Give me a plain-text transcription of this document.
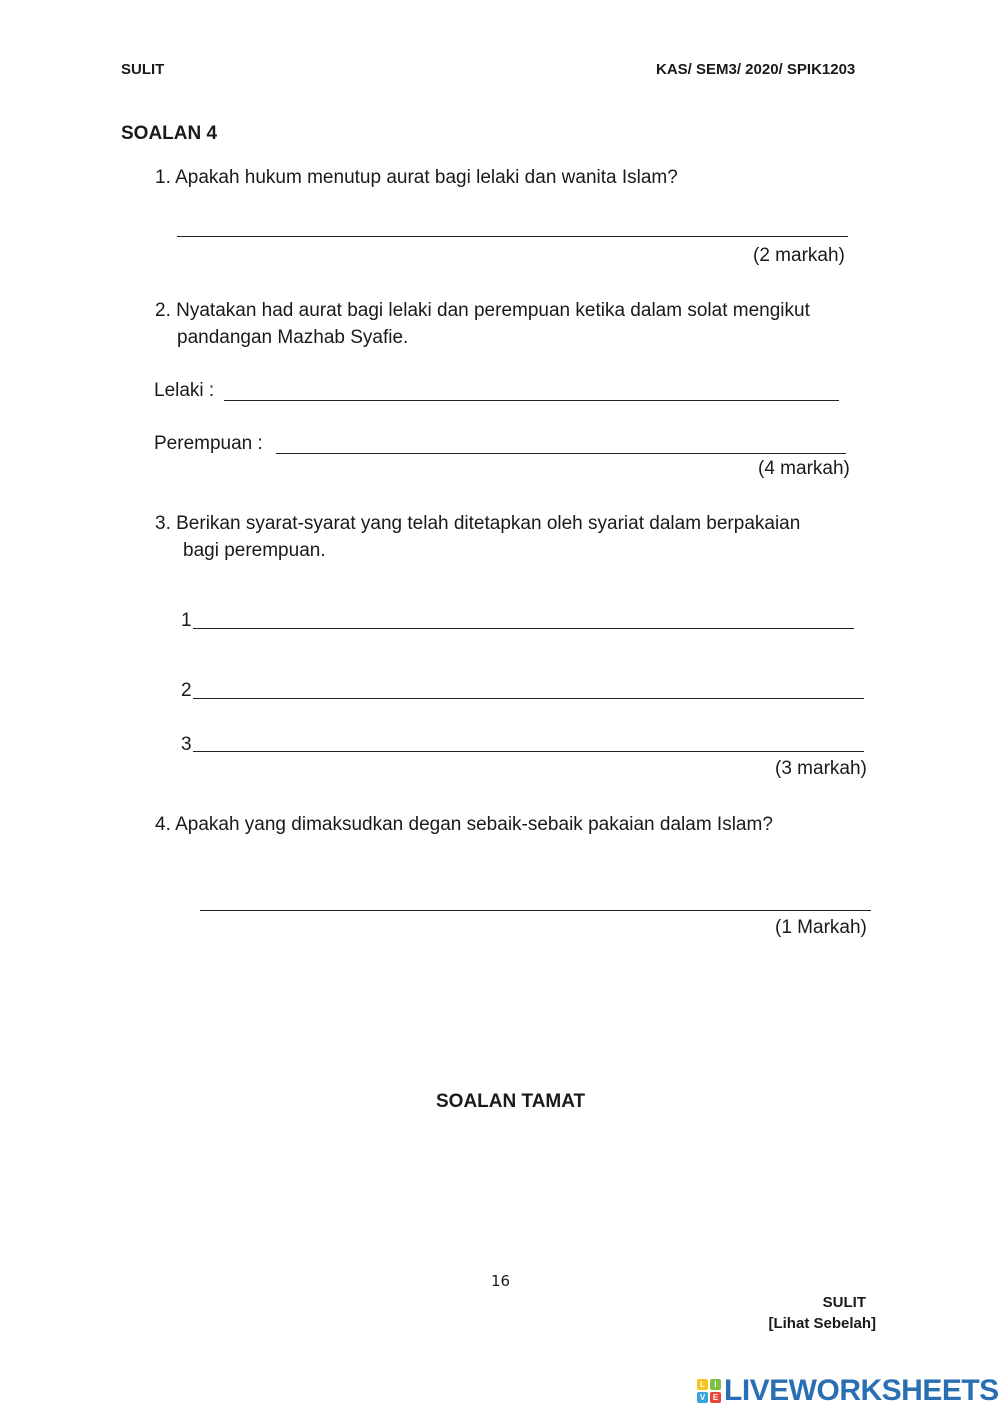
SULIT	KAS/ SEM3/ 2020/ SPIK1203
SOALAN 4
1. Apakah hukum menutup aurat bagi lelaki dan wanita Islam?
(2 markah)
2. Nyatakan had aurat bagi lelaki dan perempuan ketika dalam solat mengikut
pandangan Mazhab Syafie.
Lelaki :
Perempuan :
(4 markah)
3. Berikan syarat-syarat yang telah ditetapkan oleh syariat dalam berpakaian
bagi perempuan.
1
2
3
(3 markah)
4. Apakah yang dimaksudkan degan sebaik-sebaik pakaian dalam Islam?
(1 Markah)
SOALAN TAMAT
16
SULIT
[Lihat Sebelah]
L	I
V E LIVEWORKSHEETS
